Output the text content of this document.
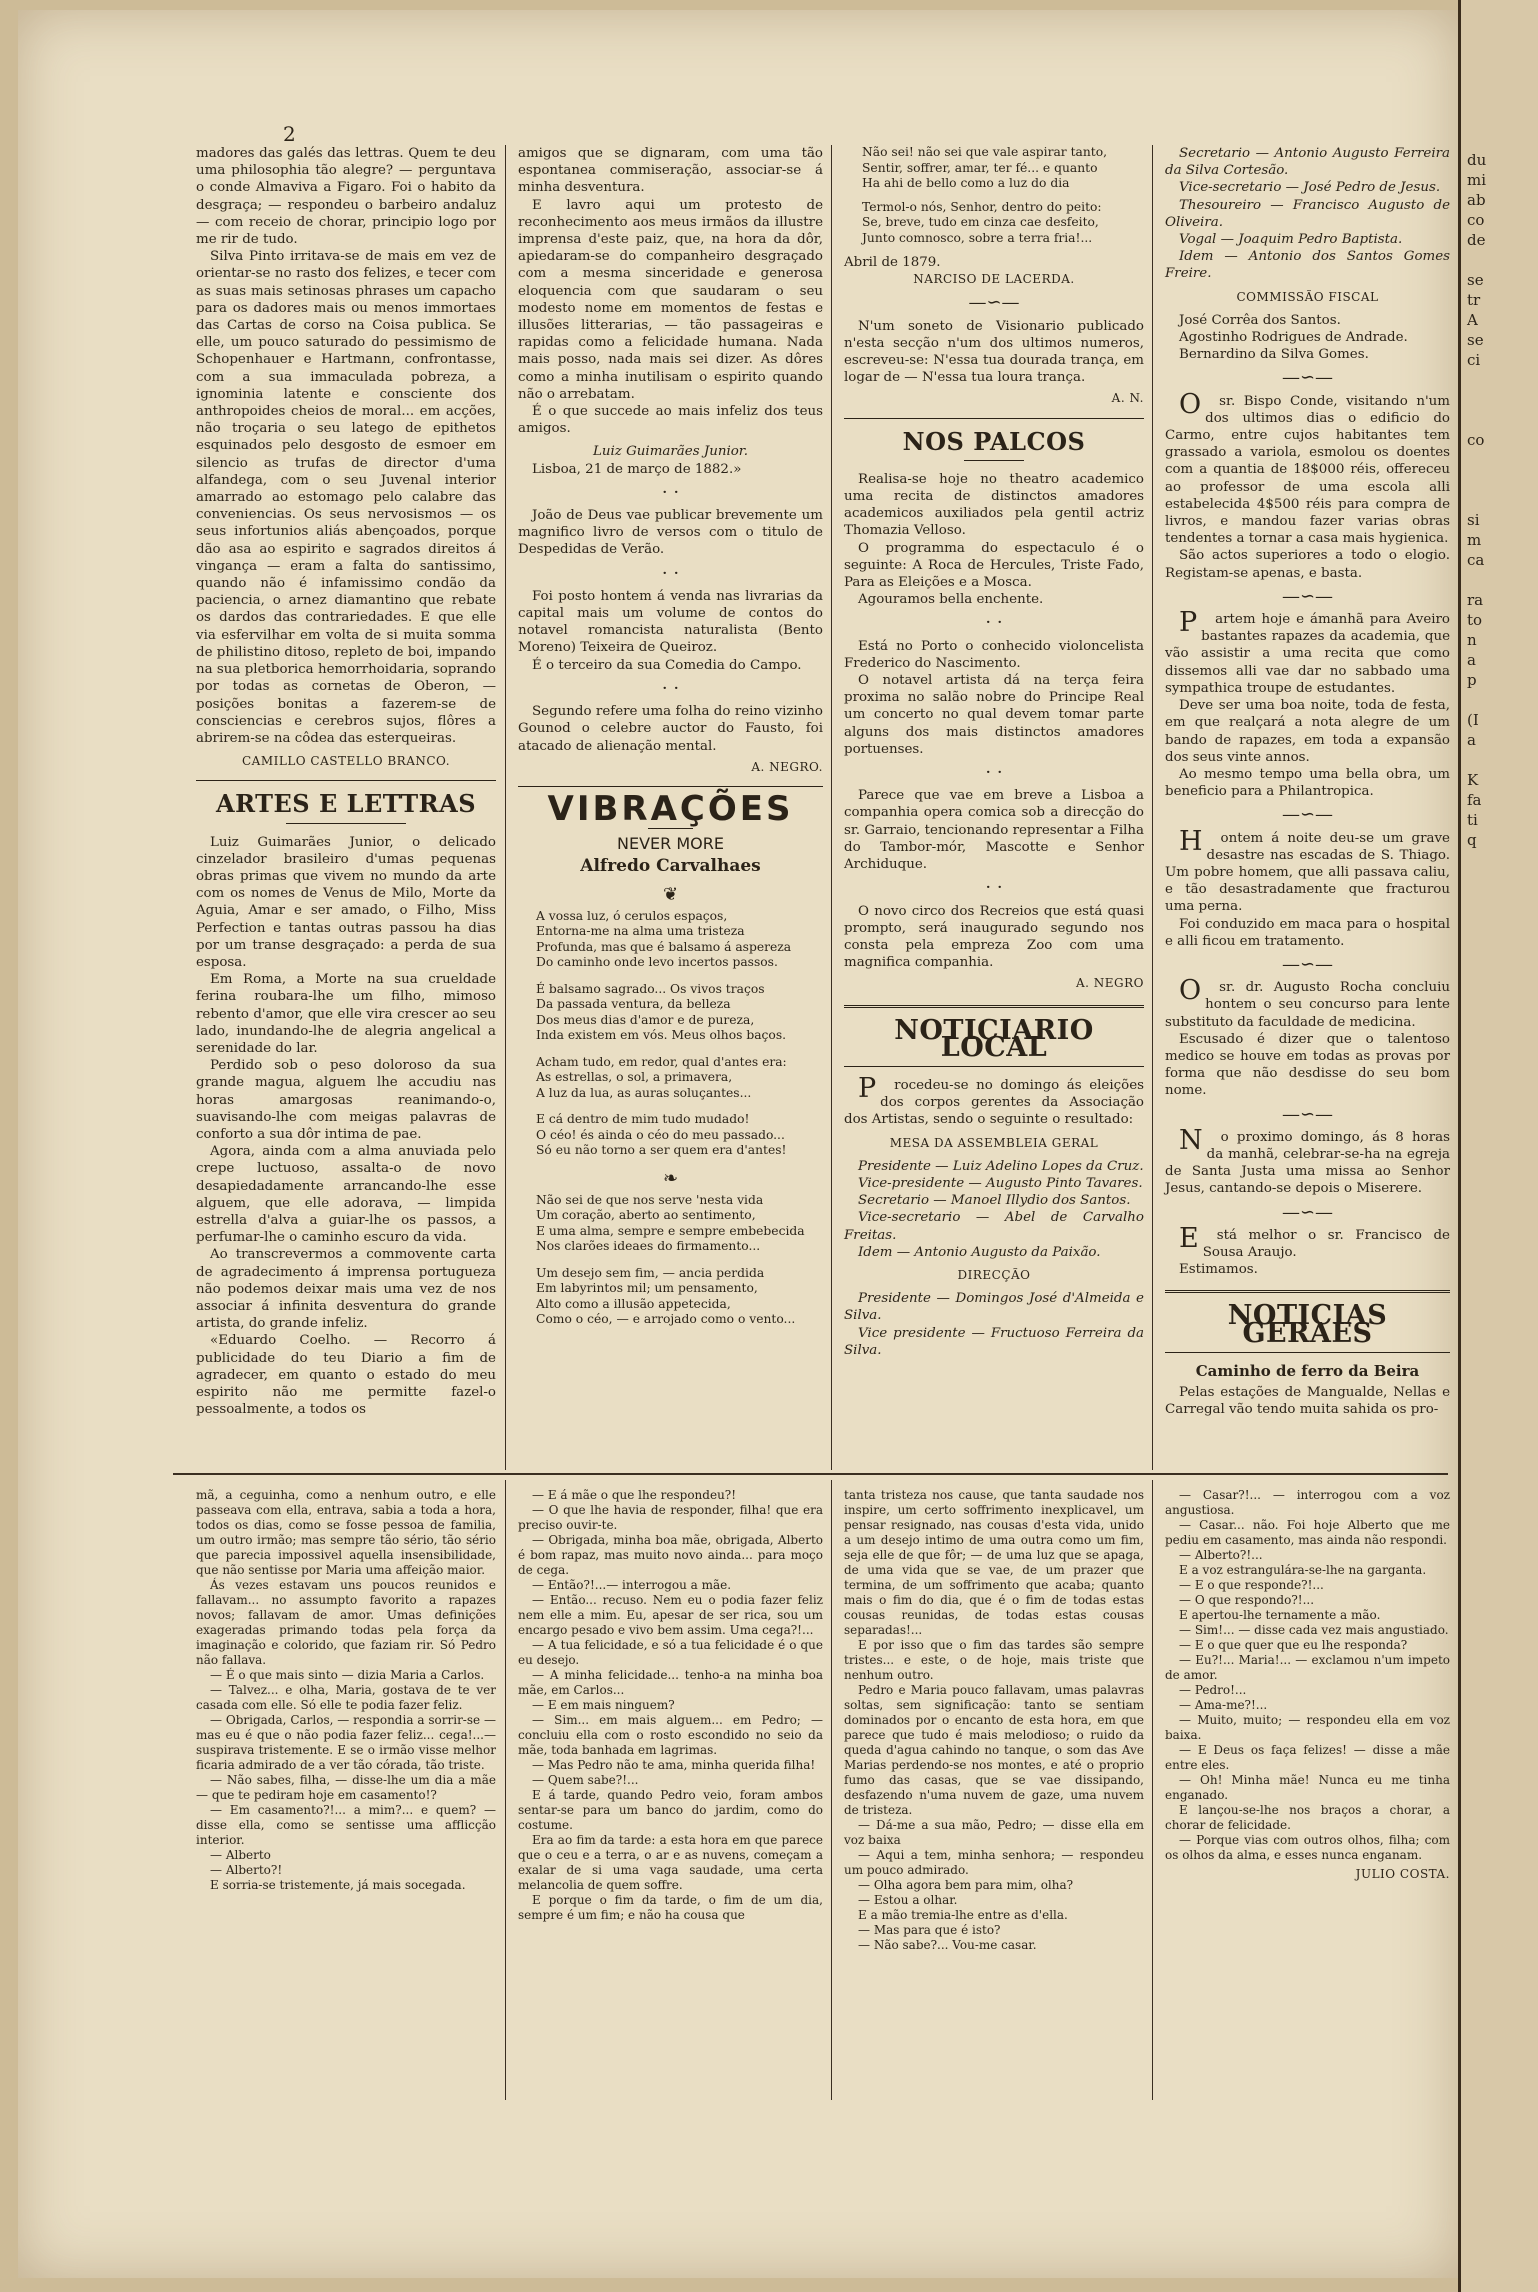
2

madores das galés das lettras. Quem te deu uma philosophia tão alegre? — perguntava o conde Almaviva a Figaro. Foi o habito da desgraça; — respondeu o barbeiro andaluz — com receio de chorar, principio logo por me rir de tudo.

Silva Pinto irritava-se de mais em vez de orientar-se no rasto dos felizes, e tecer com as suas mais setinosas phrases um capacho para os dadores mais ou menos immortaes das Cartas de corso na Coisa publica. Se elle, um pouco saturado do pessimismo de Schopenhauer e Hartmann, confrontasse, com a sua immaculada pobreza, a ignominia latente e consciente dos anthropoides cheios de moral... em acções, não troçaria o seu latego de epithetos esquinados pelo desgosto de esmoer em silencio as trufas de director d'uma alfandega, com o seu Juvenal interior amarrado ao estomago pelo calabre das conveniencias. Os seus nervosismos — os seus infortunios aliás abençoados, porque dão asa ao espirito e sagrados direitos á vingança — eram a falta do santissimo, quando não é infamissimo condão da paciencia, o arnez diamantino que rebate os dardos das contrariedades. E que elle via esfervilhar em volta de si muita somma de philistino ditoso, repleto de boi, impando na sua pletborica hemorrhoidaria, soprando por todas as cornetas de Oberon, — posições bonitas a fazerem-se de consciencias e cerebros sujos, flôres a abrirem-se na côdea das esterqueiras.

CAMILLO CASTELLO BRANCO.

ARTES E LETTRAS

Luiz Guimarães Junior, o delicado cinzelador brasileiro d'umas pequenas obras primas que vivem no mundo da arte com os nomes de Venus de Milo, Morte da Aguia, Amar e ser amado, o Filho, Miss Perfection e tantas outras passou ha dias por um transe desgraçado: a perda de sua esposa.

Em Roma, a Morte na sua crueldade ferina roubara-lhe um filho, mimoso rebento d'amor, que elle vira crescer ao seu lado, inundando-lhe de alegria angelical a serenidade do lar.

Perdido sob o peso doloroso da sua grande magua, alguem lhe accudiu nas horas amargosas reanimando-o, suavisando-lhe com meigas palavras de conforto a sua dôr intima de pae.

Agora, ainda com a alma anuviada pelo crepe luctuoso, assalta-o de novo desapiedadamente arrancando-lhe esse alguem, que elle adorava, — limpida estrella d'alva a guiar-lhe os passos, a perfumar-lhe o caminho escuro da vida.

Ao transcrevermos a commovente carta de agradecimento á imprensa portugueza não podemos deixar mais uma vez de nos associar á infinita desventura do grande artista, do grande infeliz.

«Eduardo Coelho. — Recorro á publicidade do teu Diario a fim de agradecer, em quanto o estado do meu espirito não me permitte fazel-o pessoalmente, a todos os

amigos que se dignaram, com uma tão espontanea commiseração, associar-se á minha desventura.

E lavro aqui um protesto de reconhecimento aos meus irmãos da illustre imprensa d'este paiz, que, na hora da dôr, apiedaram-se do companheiro desgraçado com a mesma sinceridade e generosa eloquencia com que saudaram o seu modesto nome em momentos de festas e illusões litterarias, — tão passageiras e rapidas como a felicidade humana. Nada mais posso, nada mais sei dizer. As dôres como a minha inutilisam o espirito quando não o arrebatam.

É o que succede ao mais infeliz dos teus amigos.

Luiz Guimarães Junior.

Lisboa, 21 de março de 1882.»

· ·

João de Deus vae publicar brevemente um magnifico livro de versos com o titulo de Despedidas de Verão.

· ·

Foi posto hontem á venda nas livrarias da capital mais um volume de contos do notavel romancista naturalista (Bento Moreno) Teixeira de Queiroz.

É o terceiro da sua Comedia do Campo.

· ·

Segundo refere uma folha do reino vizinho Gounod o celebre auctor do Fausto, foi atacado de alienação mental.

A. NEGRO.

VIBRAÇÕES
NEVER MORE
Alfredo Carvalhaes
❦

A vossa luz, ó cerulos espaços,

Entorna-me na alma uma tristeza

Profunda, mas que é balsamo á aspereza

Do caminho onde levo incertos passos.

É balsamo sagrado... Os vivos traços

Da passada ventura, da belleza

Dos meus dias d'amor e de pureza,

Inda existem em vós. Meus olhos baços.

Acham tudo, em redor, qual d'antes era:

As estrellas, o sol, a primavera,

A luz da lua, as auras soluçantes...

E cá dentro de mim tudo mudado!

O céo! és ainda o céo do meu passado...

Só eu não torno a ser quem era d'antes!

❧

Não sei de que nos serve 'nesta vida

Um coração, aberto ao sentimento,

E uma alma, sempre e sempre embebecida

Nos clarões ideaes do firmamento...

Um desejo sem fim, — ancia perdida

Em labyrintos mil; um pensamento,

Alto como a illusão appetecida,

Como o céo, — e arrojado como o vento...

Não sei! não sei que vale aspirar tanto,

Sentir, soffrer, amar, ter fé... e quanto

Ha ahi de bello como a luz do dia

Termol-o nós, Senhor, dentro do peito:

Se, breve, tudo em cinza cae desfeito,

Junto comnosco, sobre a terra fria!...

Abril de 1879.

NARCISO DE LACERDA.

—∽—

N'um soneto de Visionario publicado n'esta secção n'um dos ultimos numeros, escreveu-se: N'essa tua dourada trança, em logar de — N'essa tua loura trança.

A. N.

NOS PALCOS

Realisa-se hoje no theatro academico uma recita de distinctos amadores academicos auxiliados pela gentil actriz Thomazia Velloso.

O programma do espectaculo é o seguinte: A Roca de Hercules, Triste Fado, Para as Eleições e a Mosca.

Agouramos bella enchente.

· ·

Está no Porto o conhecido violoncelista Frederico do Nascimento.

O notavel artista dá na terça feira proxima no salão nobre do Principe Real um concerto no qual devem tomar parte alguns dos mais distinctos amadores portuenses.

· ·

Parece que vae em breve a Lisboa a companhia opera comica sob a direcção do sr. Garraio, tencionando representar a Filha do Tambor-mór, Mascotte e Senhor Archiduque.

· ·

O novo circo dos Recreios que está quasi prompto, será inaugurado segundo nos consta pela empreza Zoo com uma magnifica companhia.

A. NEGRO

NOTICIARIO LOCAL

Procedeu-se no domingo ás eleições dos corpos gerentes da Associação dos Artistas, sendo o seguinte o resultado:

MESA DA ASSEMBLEIA GERAL

Presidente — Luiz Adelino Lopes da Cruz.

Vice-presidente — Augusto Pinto Tavares.

Secretario — Manoel Illydio dos Santos.

Vice-secretario — Abel de Carvalho Freitas.

Idem — Antonio Augusto da Paixão.

DIRECÇÃO

Presidente — Domingos José d'Almeida e Silva.

Vice presidente — Fructuoso Ferreira da Silva.

Secretario — Antonio Augusto Ferreira da Silva Cortesão.

Vice-secretario — José Pedro de Jesus.

Thesoureiro — Francisco Augusto de Oliveira.

Vogal — Joaquim Pedro Baptista.

Idem — Antonio dos Santos Gomes Freire.

COMMISSÃO FISCAL

José Corrêa dos Santos.

Agostinho Rodrigues de Andrade.

Bernardino da Silva Gomes.

—∽—

Osr. Bispo Conde, visitando n'um dos ultimos dias o edificio do Carmo, entre cujos habitantes tem grassado a variola, esmolou os doentes com a quantia de 18$000 réis, offereceu ao professor de uma escola alli estabelecida 4$500 réis para compra de livros, e mandou fazer varias obras tendentes a tornar a casa mais hygienica.

São actos superiores a todo o elogio. Registam-se apenas, e basta.

—∽—

Partem hoje e ámanhã para Aveiro bastantes rapazes da academia, que vão assistir a uma recita que como dissemos alli vae dar no sabbado uma sympathica troupe de estudantes.

Deve ser uma boa noite, toda de festa, em que realçará a nota alegre de um bando de rapazes, em toda a expansão dos seus vinte annos.

Ao mesmo tempo uma bella obra, um beneficio para a Philantropica.

—∽—

Hontem á noite deu-se um grave desastre nas escadas de S. Thiago. Um pobre homem, que alli passava caliu, e tão desastradamente que fracturou uma perna.

Foi conduzido em maca para o hospital e alli ficou em tratamento.

—∽—

Osr. dr. Augusto Rocha concluiu hontem o seu concurso para lente substituto da faculdade de medicina.

Escusado é dizer que o talentoso medico se houve em todas as provas por forma que não desdisse do seu bom nome.

—∽—

No proximo domingo, ás 8 horas da manhã, celebrar-se-ha na egreja de Santa Justa uma missa ao Senhor Jesus, cantando-se depois o Miserere.

—∽—

Está melhor o sr. Francisco de Sousa Araujo.

Estimamos.

NOTICIAS GERAES

Caminho de ferro da Beira

Pelas estações de Mangualde, Nellas e Carregal vão tendo muita sahida os pro-

mã, a ceguinha, como a nenhum outro, e elle passeava com ella, entrava, sabia a toda a hora, todos os dias, como se fosse pessoa de familia, um outro irmão; mas sempre tão sério, tão sério que parecia impossivel aquella insensibilidade, que não sentisse por Maria uma affeição maior.

Ás vezes estavam uns poucos reunidos e fallavam... no assumpto favorito a rapazes novos; fallavam de amor. Umas definições exageradas primando todas pela força da imaginação e colorido, que faziam rir. Só Pedro não fallava.

— É o que mais sinto — dizia Maria a Carlos.

— Talvez... e olha, Maria, gostava de te ver casada com elle. Só elle te podia fazer feliz.

— Obrigada, Carlos, — respondia a sorrir-se — mas eu é que o não podia fazer feliz... cega!...— suspirava tristemente. E se o irmão visse melhor ficaria admirado de a ver tão córada, tão triste.

— Não sabes, filha, — disse-lhe um dia a mãe — que te pediram hoje em casamento!?

— Em casamento?!... a mim?... e quem? — disse ella, como se sentisse uma afflicção interior.

— Alberto

— Alberto?!

E sorria-se tristemente, já mais socegada.

— E á mãe o que lhe respondeu?!

— O que lhe havia de responder, filha! que era preciso ouvir-te.

— Obrigada, minha boa mãe, obrigada, Alberto é bom rapaz, mas muito novo ainda... para moço de cega.

— Então?!...— interrogou a mãe.

— Então... recuso. Nem eu o podia fazer feliz nem elle a mim. Eu, apesar de ser rica, sou um encargo pesado e vivo bem assim. Uma cega?!...

— A tua felicidade, e só a tua felicidade é o que eu desejo.

— A minha felicidade... tenho-a na minha boa mãe, em Carlos...

— E em mais ninguem?

— Sim... em mais alguem... em Pedro; — concluiu ella com o rosto escondido no seio da mãe, toda banhada em lagrimas.

— Mas Pedro não te ama, minha querida filha!

— Quem sabe?!...

E á tarde, quando Pedro veio, foram ambos sentar-se para um banco do jardim, como do costume.

Era ao fim da tarde: a esta hora em que parece que o ceu e a terra, o ar e as nuvens, começam a exalar de si uma vaga saudade, uma certa melancolia de quem soffre.

E porque o fim da tarde, o fim de um dia, sempre é um fim; e não ha cousa que

tanta tristeza nos cause, que tanta saudade nos inspire, um certo soffrimento inexplicavel, um pensar resignado, nas cousas d'esta vida, unido a um desejo intimo de uma outra como um fim, seja elle de que fôr; — de uma luz que se apaga, de uma vida que se vae, de um prazer que termina, de um soffrimento que acaba; quanto mais o fim do dia, que é o fim de todas estas cousas reunidas, de todas estas cousas separadas!...

E por isso que o fim das tardes são sempre tristes... e este, o de hoje, mais triste que nenhum outro.

Pedro e Maria pouco fallavam, umas palavras soltas, sem significação: tanto se sentiam dominados por o encanto de esta hora, em que parece que tudo é mais melodioso; o ruido da queda d'agua cahindo no tanque, o som das Ave Marias perdendo-se nos montes, e até o proprio fumo das casas, que se vae dissipando, desfazendo n'uma nuvem de gaze, uma nuvem de tristeza.

— Dá-me a sua mão, Pedro; — disse ella em voz baixa

— Aqui a tem, minha senhora; — respondeu um pouco admirado.

— Olha agora bem para mim, olha?

— Estou a olhar.

E a mão tremia-lhe entre as d'ella.

— Mas para que é isto?

— Não sabe?... Vou-me casar.

— Casar?!... — interrogou com a voz angustiosa.

— Casar... não. Foi hoje Alberto que me pediu em casamento, mas ainda não respondi.

— Alberto?!...

E a voz estrangulára-se-lhe na garganta.

— E o que responde?!...

— O que respondo?!...

E apertou-lhe ternamente a mão.

— Sim!... — disse cada vez mais angustiado.

— E o que quer que eu lhe responda?

— Eu?!... Maria!... — exclamou n'um impeto de amor.

— Pedro!...

— Ama-me?!...

— Muito, muito; — respondeu ella em voz baixa.

— E Deus os faça felizes! — disse a mãe entre eles.

— Oh! Minha mãe! Nunca eu me tinha enganado.

E lançou-se-lhe nos braços a chorar, a chorar de felicidade.

— Porque vias com outros olhos, filha; com os olhos da alma, e esses nunca enganam.

JULIO COSTA.

du
mi
ab
co
de
se
tr
A
se
ci
co
si
m
ca
ra
to
n
a
p
(I
a
K
fa
ti
q
